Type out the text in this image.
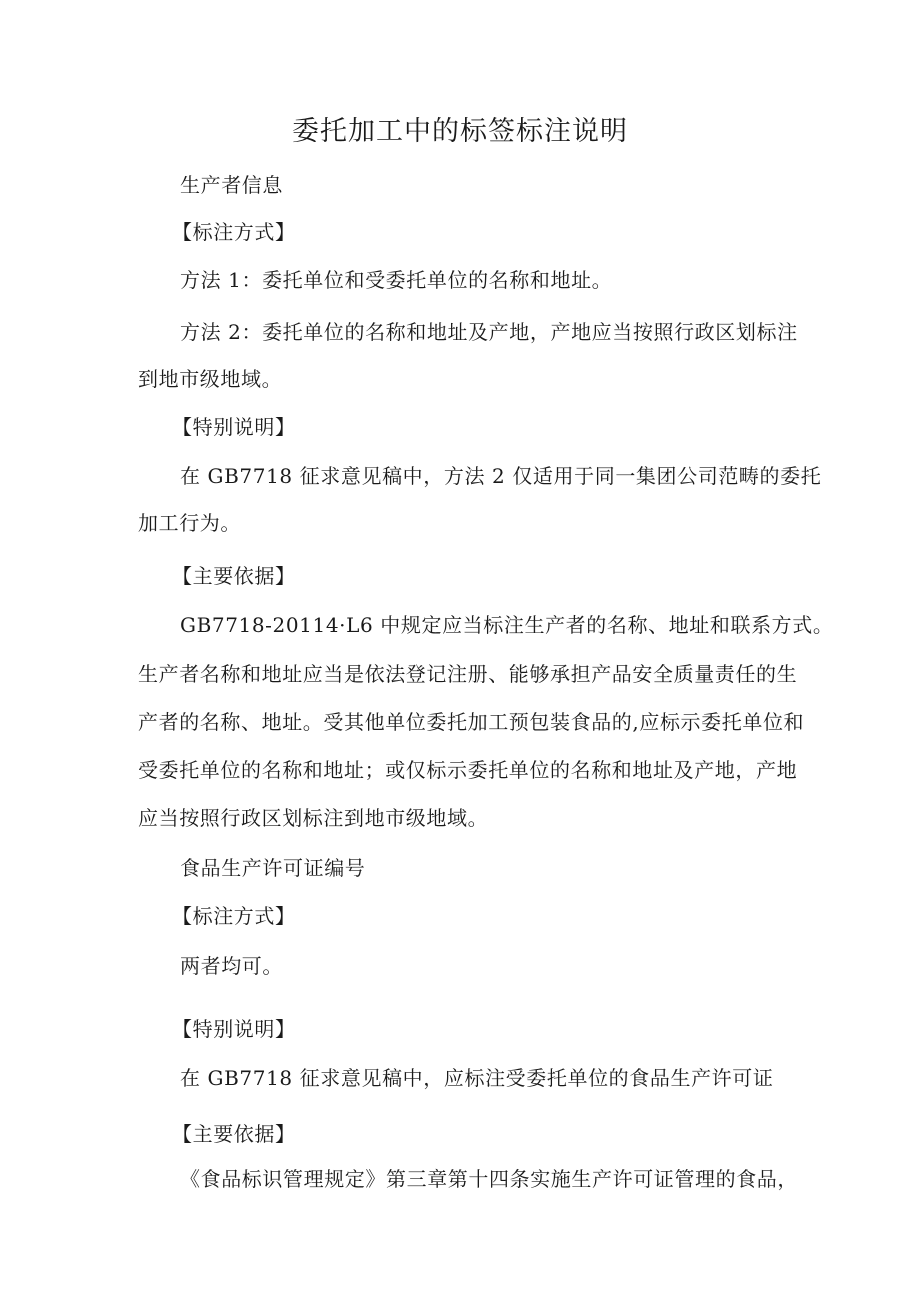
委托加工中的标签标注说明
生产者信息
【标注方式】
方法 1：委托单位和受委托单位的名称和地址。
方法 2：委托单位的名称和地址及产地，产地应当按照行政区划标注
到地市级地域。
【特别说明】
在 GB7718 征求意见稿中，方法 2 仅适用于同一集团公司范畴的委托
加工行为。
【主要依据】
GB7718-20114·L6 中规定应当标注生产者的名称、地址和联系方式。
生产者名称和地址应当是依法登记注册、能够承担产品安全质量责任的生
产者的名称、地址。受其他单位委托加工预包装食品的,应标示委托单位和
受委托单位的名称和地址；或仅标示委托单位的名称和地址及产地，产地
应当按照行政区划标注到地市级地域。
食品生产许可证编号
【标注方式】
两者均可。
【特别说明】
在 GB7718 征求意见稿中，应标注受委托单位的食品生产许可证
【主要依据】
《食品标识管理规定》第三章第十四条实施生产许可证管理的食品，
